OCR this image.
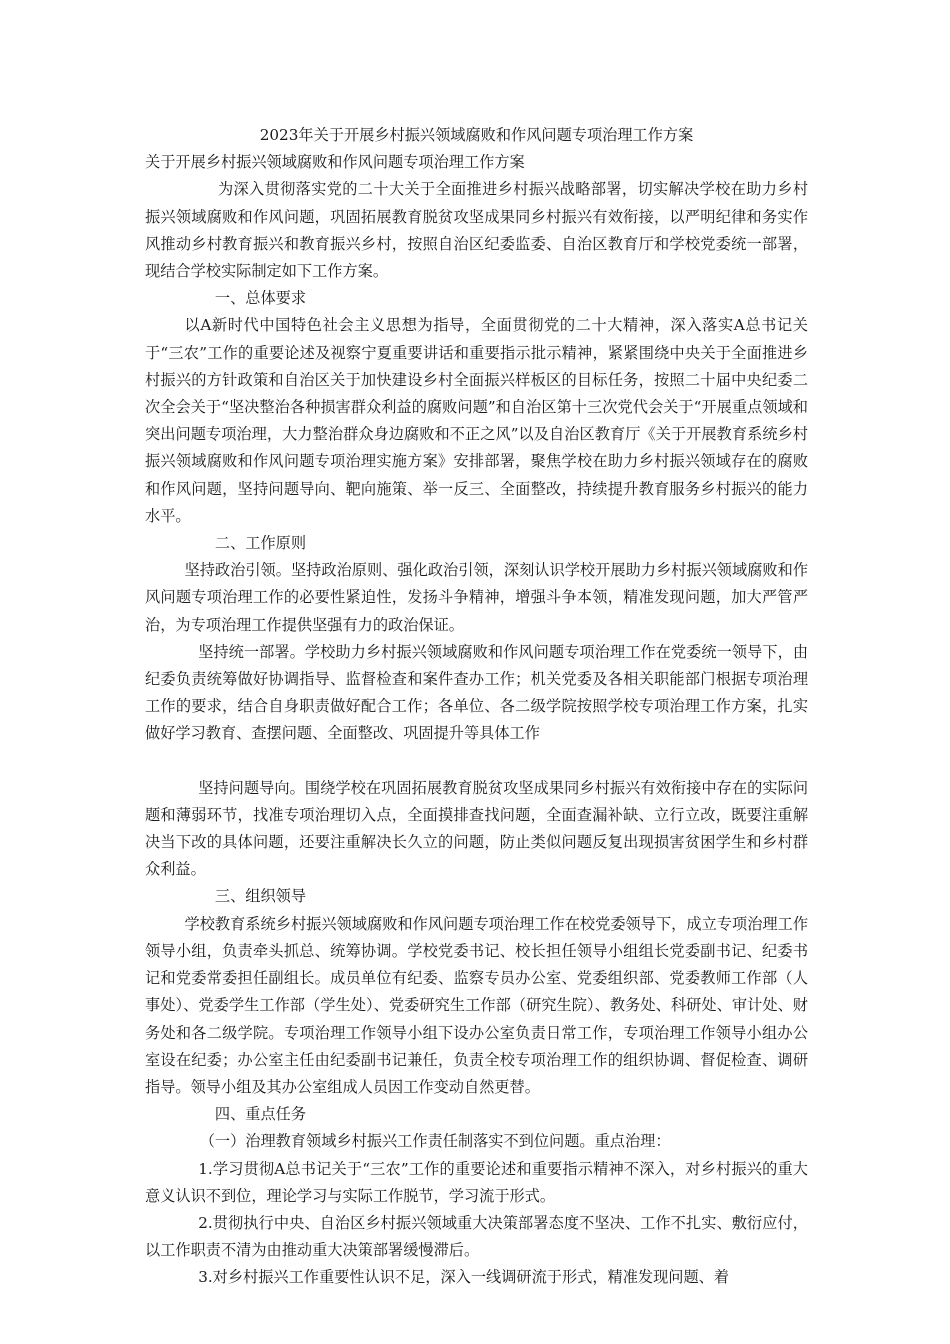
2023年关于开展乡村振兴领域腐败和作风问题专项治理工作方案
关于开展乡村振兴领域腐败和作风问题专项治理工作方案

为深入贯彻落实党的二十大关于全面推进乡村振兴战略部署，切实解决学校在助力乡村振兴领域腐败和作风问题，巩固拓展教育脱贫攻坚成果同乡村振兴有效衔接，以严明纪律和务实作风推动乡村教育振兴和教育振兴乡村，按照自治区纪委监委、自治区教育厅和学校党委统一部署，现结合学校实际制定如下工作方案。

一、总体要求

以A新时代中国特色社会主义思想为指导，全面贯彻党的二十大精神，深入落实A总书记关于“三农”工作的重要论述及视察宁夏重要讲话和重要指示批示精神，紧紧围绕中央关于全面推进乡村振兴的方针政策和自治区关于加快建设乡村全面振兴样板区的目标任务，按照二十届中央纪委二次全会关于“坚决整治各种损害群众利益的腐败问题”和自治区第十三次党代会关于“开展重点领域和突出问题专项治理，大力整治群众身边腐败和不正之风”以及自治区教育厅《关于开展教育系统乡村振兴领域腐败和作风问题专项治理实施方案》安排部署，聚焦学校在助力乡村振兴领域存在的腐败和作风问题，坚持问题导向、靶向施策、举一反三、全面整改，持续提升教育服务乡村振兴的能力水平。

二、工作原则

坚持政治引领。坚持政治原则、强化政治引领，深刻认识学校开展助力乡村振兴领域腐败和作风问题专项治理工作的必要性紧迫性，发扬斗争精神，增强斗争本领，精准发现问题，加大严管严治，为专项治理工作提供坚强有力的政治保证。

坚持统一部署。学校助力乡村振兴领域腐败和作风问题专项治理工作在党委统一领导下，由纪委负责统筹做好协调指导、监督检查和案件查办工作；机关党委及各相关职能部门根据专项治理工作的要求，结合自身职责做好配合工作；各单位、各二级学院按照学校专项治理工作方案，扎实做好学习教育、查摆问题、全面整改、巩固提升等具体工作

坚持问题导向。围绕学校在巩固拓展教育脱贫攻坚成果同乡村振兴有效衔接中存在的实际问题和薄弱环节，找准专项治理切入点，全面摸排查找问题，全面查漏补缺、立行立改，既要注重解决当下改的具体问题，还要注重解决长久立的问题，防止类似问题反复出现损害贫困学生和乡村群众利益。

三、组织领导

学校教育系统乡村振兴领域腐败和作风问题专项治理工作在校党委领导下，成立专项治理工作领导小组，负责牵头抓总、统筹协调。学校党委书记、校长担任领导小组组长党委副书记、纪委书记和党委常委担任副组长。成员单位有纪委、监察专员办公室、党委组织部、党委教师工作部（人事处）、党委学生工作部（学生处）、党委研究生工作部（研究生院）、教务处、科研处、审计处、财务处和各二级学院。专项治理工作领导小组下设办公室负责日常工作，专项治理工作领导小组办公室设在纪委；办公室主任由纪委副书记兼任，负责全校专项治理工作的组织协调、督促检查、调研指导。领导小组及其办公室组成人员因工作变动自然更替。

四、重点任务
（一）治理教育领域乡村振兴工作责任制落实不到位问题。重点治理：

1.学习贯彻A总书记关于“三农”工作的重要论述和重要指示精神不深入，对乡村振兴的重大意义认识不到位，理论学习与实际工作脱节，学习流于形式。

2.贯彻执行中央、自治区乡村振兴领域重大决策部署态度不坚决、工作不扎实、敷衍应付，以工作职责不清为由推动重大决策部署缓慢滞后。

3.对乡村振兴工作重要性认识不足，深入一线调研流于形式，精准发现问题、着
